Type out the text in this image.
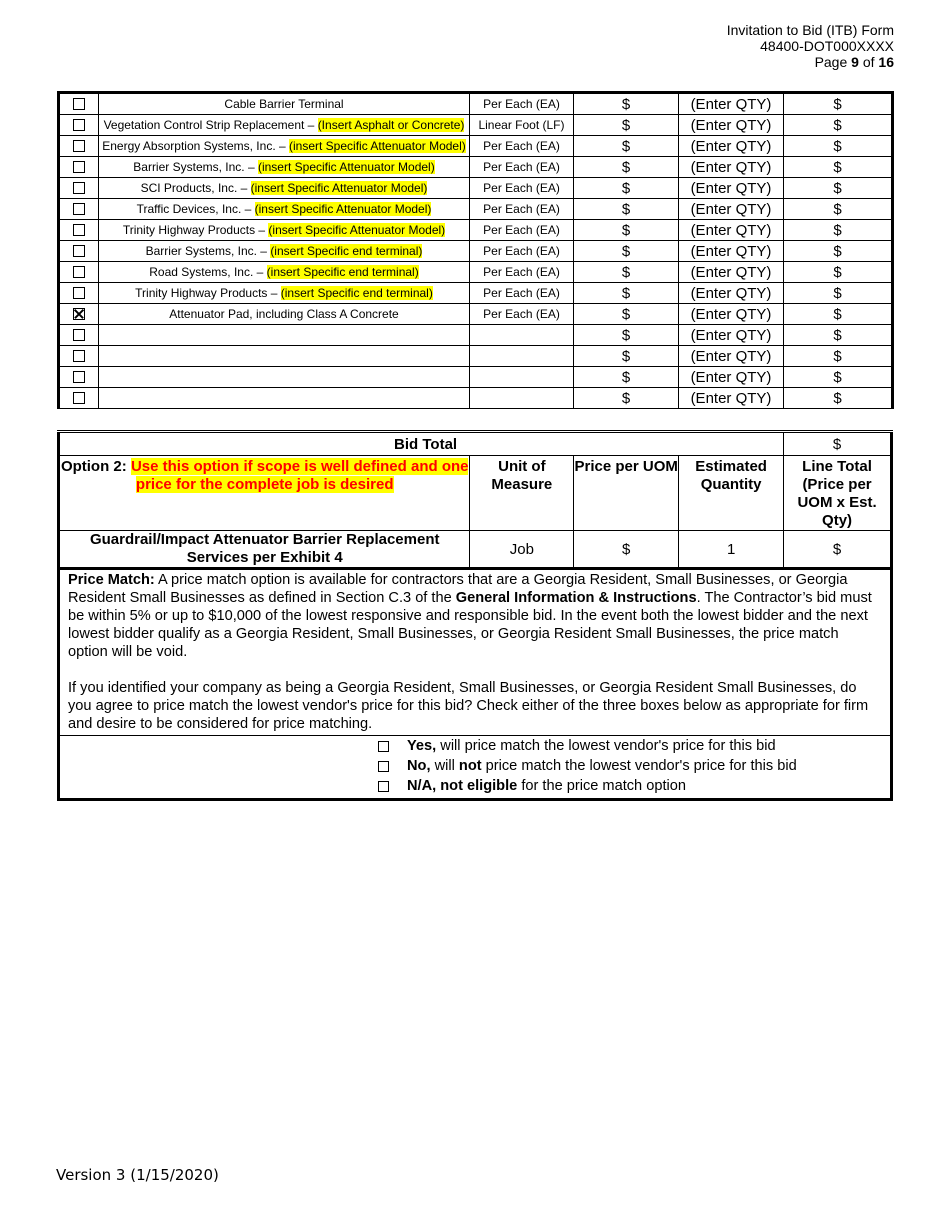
Invitation to Bid (ITB) Form
48400-DOT000XXXX
Page 9 of 16
	Cable Barrier Terminal	Per Each (EA)	$	(Enter QTY)	$
	Vegetation Control Strip Replacement – (Insert Asphalt or Concrete)	Linear Foot (LF)	$	(Enter QTY)	$
	Energy Absorption Systems, Inc. – (insert Specific Attenuator Model)	Per Each (EA)	$	(Enter QTY)	$
	Barrier Systems, Inc. – (insert Specific Attenuator Model)	Per Each (EA)	$	(Enter QTY)	$
	SCI Products, Inc. – (insert Specific Attenuator Model)	Per Each (EA)	$	(Enter QTY)	$
	Traffic Devices, Inc. – (insert Specific Attenuator Model)	Per Each (EA)	$	(Enter QTY)	$
	Trinity Highway Products – (insert Specific Attenuator Model)	Per Each (EA)	$	(Enter QTY)	$
	Barrier Systems, Inc. – (insert Specific end terminal)	Per Each (EA)	$	(Enter QTY)	$
	Road Systems, Inc. – (insert Specific end terminal)	Per Each (EA)	$	(Enter QTY)	$
	Trinity Highway Products – (insert Specific end terminal)	Per Each (EA)	$	(Enter QTY)	$
	Attenuator Pad, including Class A Concrete	Per Each (EA)	$	(Enter QTY)	$
			$	(Enter QTY)	$
			$	(Enter QTY)	$
			$	(Enter QTY)	$
			$	(Enter QTY)	$
Bid Total				$
Option 2: Use this option if scope is well defined and one price for the complete job is desired	Unit of Measure	Price per UOM	Estimated Quantity	Line Total (Price per UOM x Est. Qty)
Guardrail/Impact Attenuator Barrier Replacement Services per Exhibit 4	Job	$	1	$

Price Match: A price match option is available for contractors that are a Georgia Resident, Small Businesses, or Georgia Resident Small Businesses as defined in Section C.3 of the General Information & Instructions. The Contractor’s bid must be within 5% or up to $10,000 of the lowest responsive and responsible bid. In the event both the lowest bidder and the next lowest bidder qualify as a Georgia Resident, Small Businesses, or Georgia Resident Small Businesses, the price match option will be void.

If you identified your company as being a Georgia Resident, Small Businesses, or Georgia Resident Small Businesses, do you agree to price match the lowest vendor's price for this bid? Check either of the three boxes below as appropriate for firm and desire to be considered for price matching.

Yes, will price match the lowest vendor's price for this bid
No, will not price match the lowest vendor's price for this bid
N/A, not eligible for the price match option
Version 3 (1/15/2020)
